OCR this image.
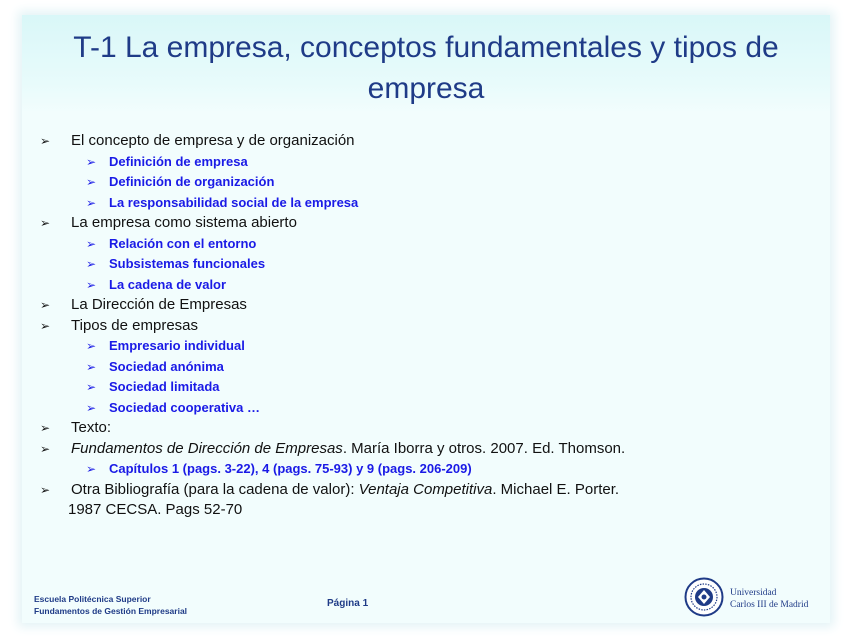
T-1 La empresa, conceptos fundamentales y tipos de empresa
➢ El concepto de empresa y de organización
➢ Definición de empresa
➢ Definición de organización
➢ La responsabilidad social de la empresa
➢ La empresa como sistema abierto
➢ Relación con el entorno
➢ Subsistemas funcionales
➢ La cadena de valor
➢ La Dirección de Empresas
➢ Tipos de empresas
➢ Empresario individual
➢ Sociedad anónima
➢ Sociedad limitada
➢ Sociedad cooperativa …
➢ Texto:
➢ Fundamentos de Dirección de Empresas. María Iborra y otros. 2007. Ed. Thomson.
➢ Capítulos 1 (pags. 3-22), 4 (pags. 75-93) y 9 (pags. 206-209)
➢ Otra Bibliografía (para la cadena de valor): Ventaja Competitiva. Michael E. Porter.
1987 CECSA. Pags 52-70
Escuela Politécnica Superior
Fundamentos de Gestión Empresarial
Página 1
Universidad
Carlos III de Madrid
